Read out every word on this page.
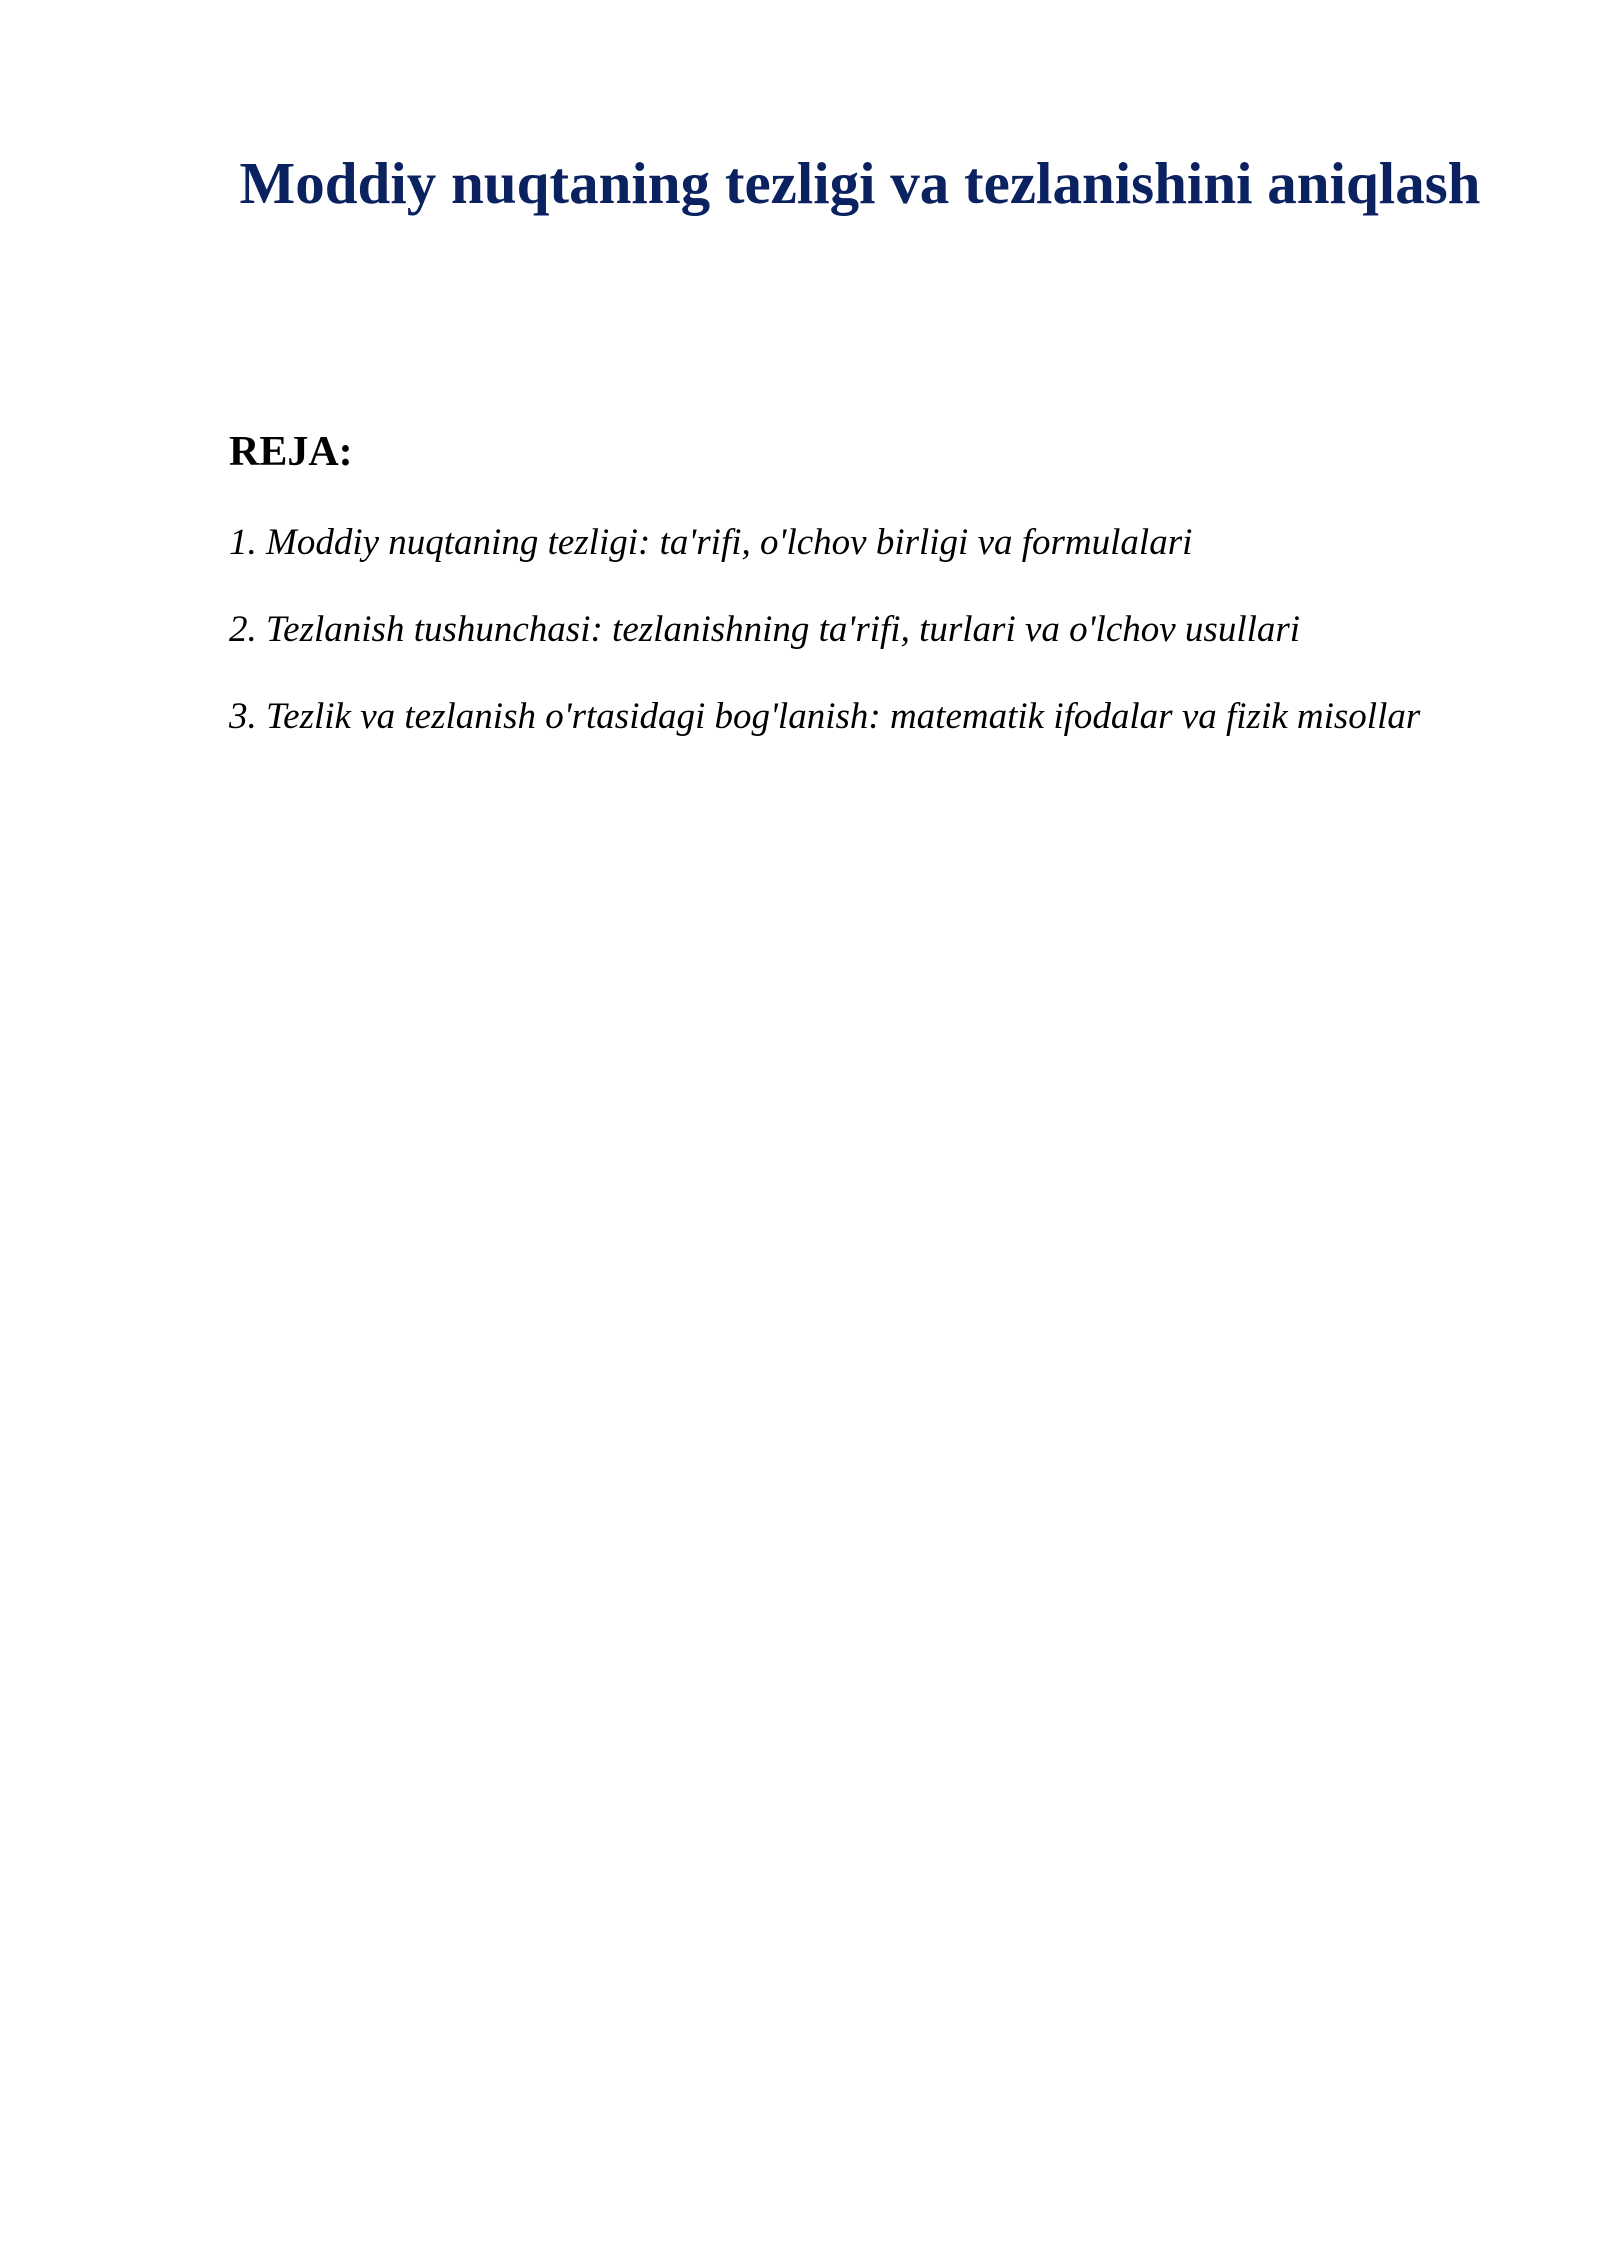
Moddiy nuqtaning tezligi va tezlanishini aniqlash
REJA:
1. Moddiy nuqtaning tezligi: ta'rifi, o'lchov birligi va formulalari
2. Tezlanish tushunchasi: tezlanishning ta'rifi, turlari va o'lchov usullari
3. Tezlik va tezlanish o'rtasidagi bog'lanish: matematik ifodalar va fizik misollar
